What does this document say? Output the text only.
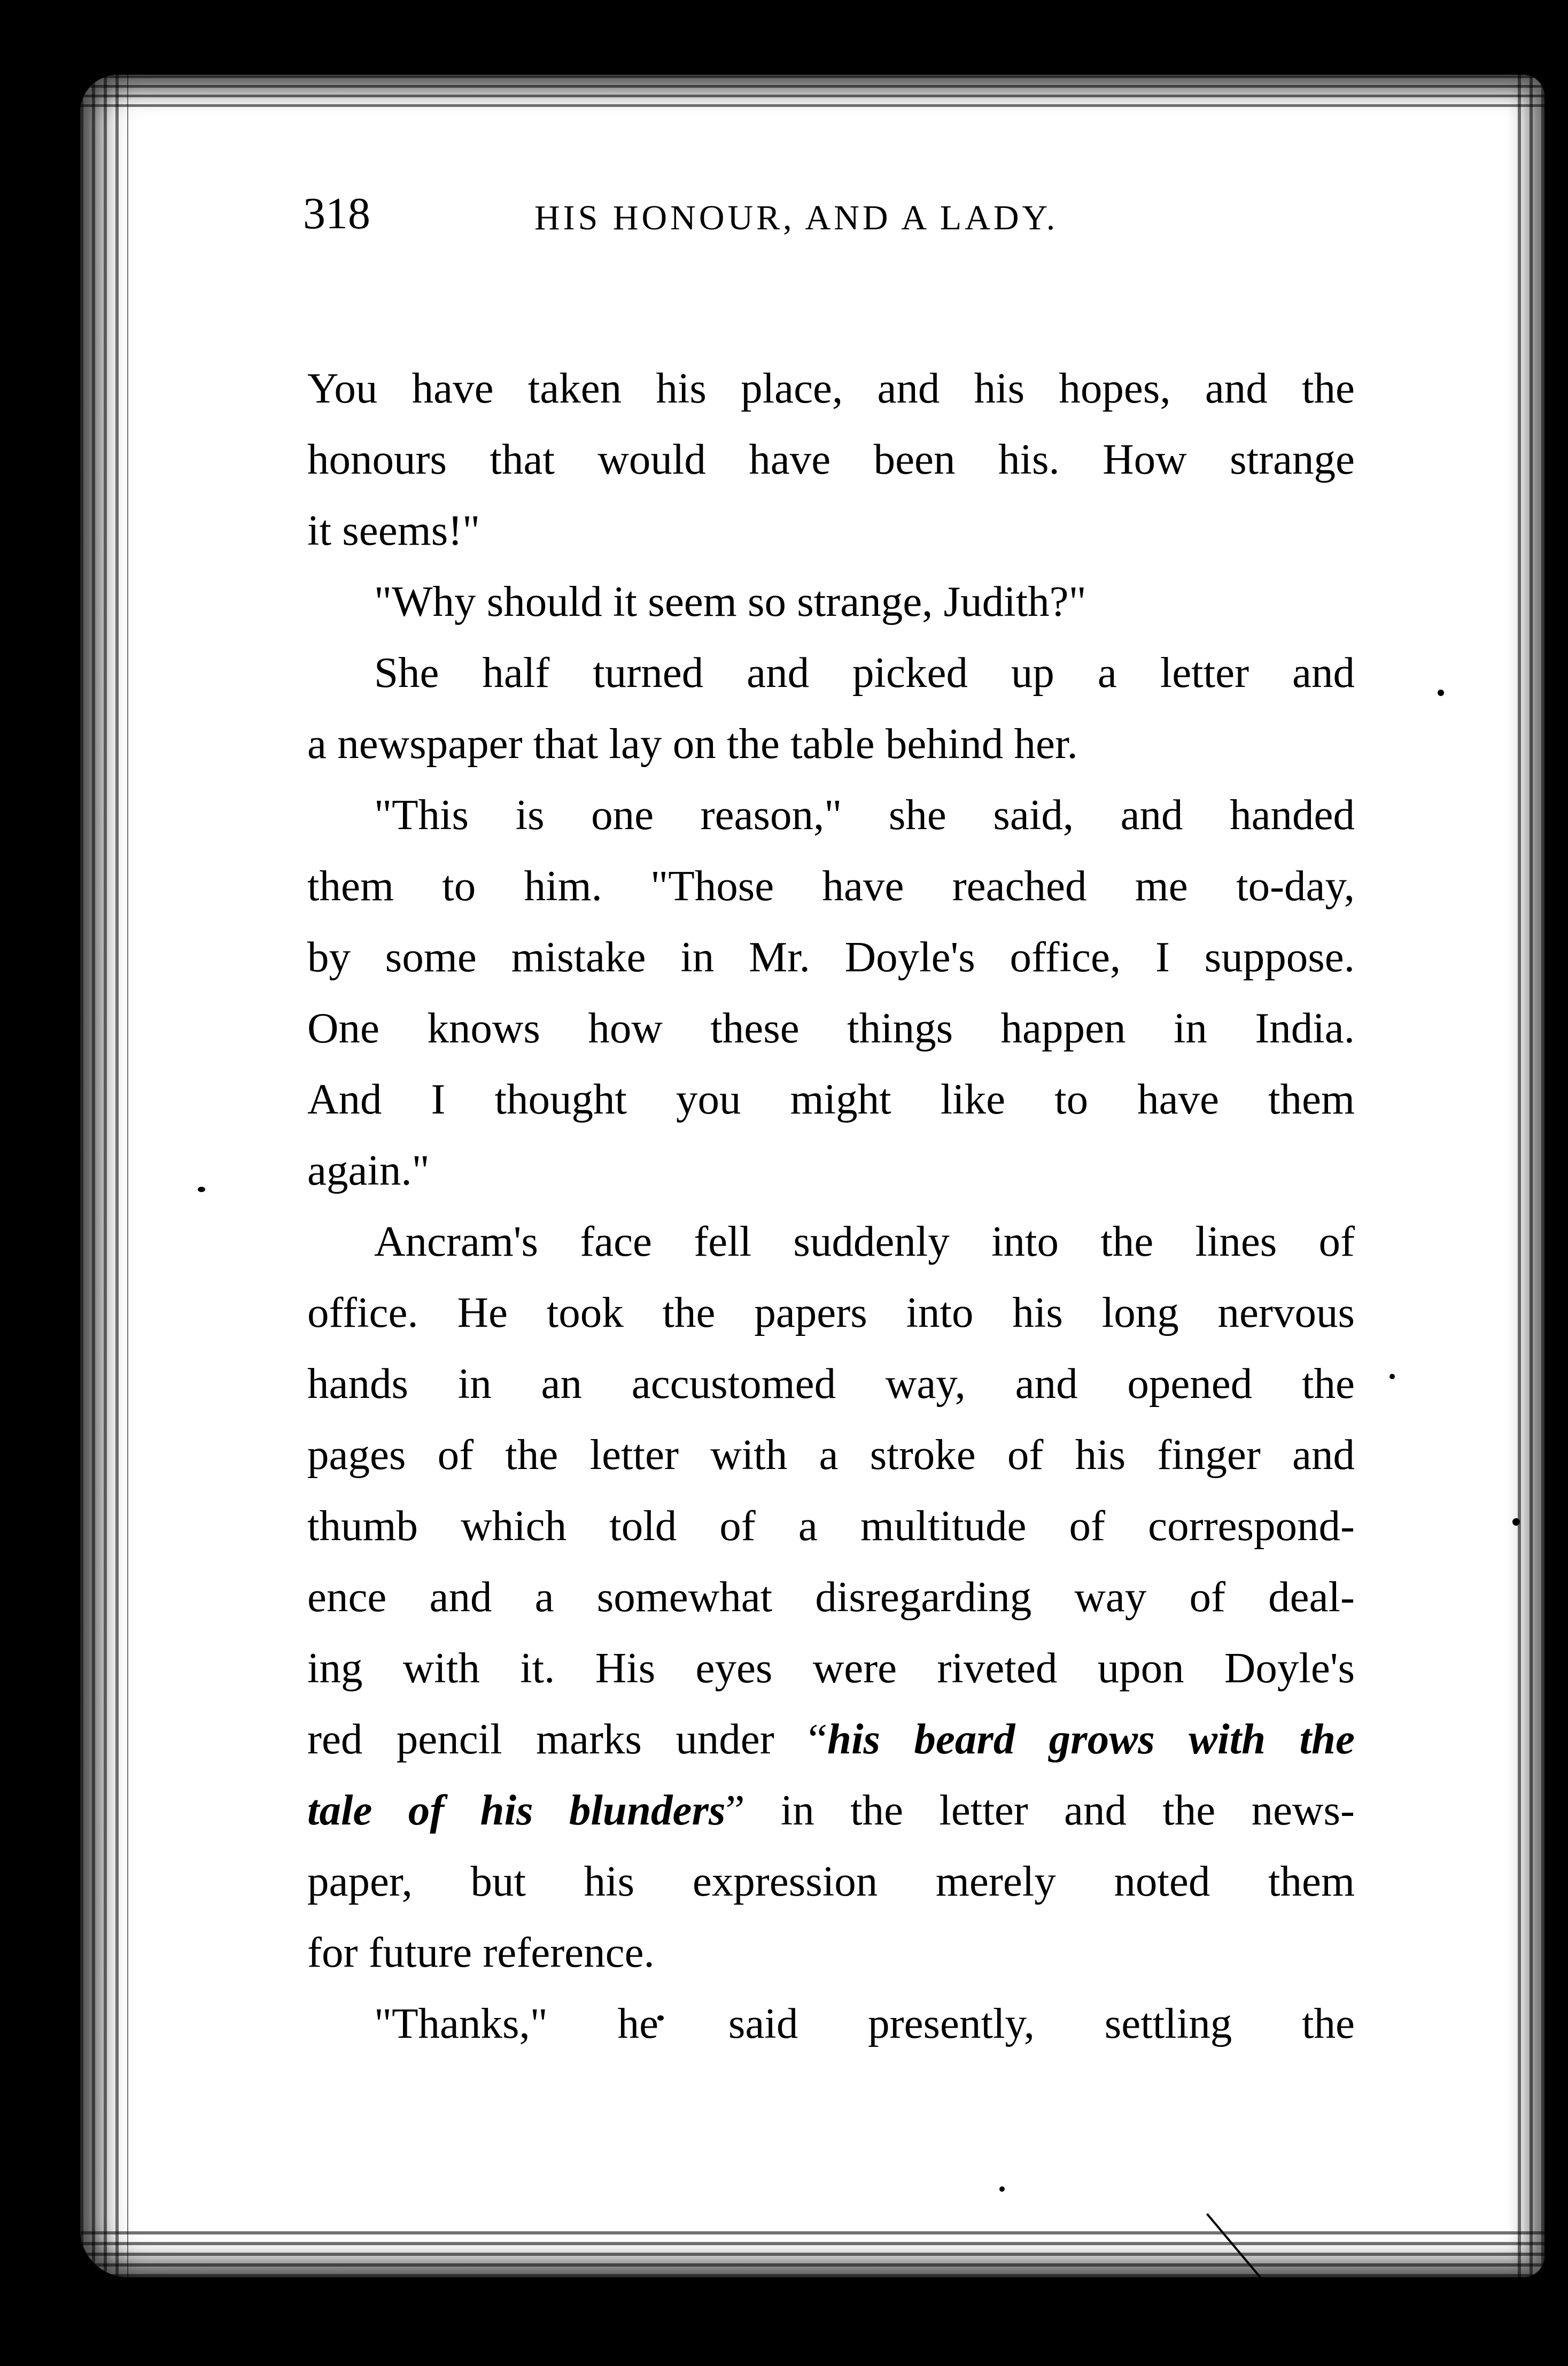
318	HIS HONOUR, AND A LADY.
You have taken his place, and his hopes, and the
honours that would have been his. How strange
it seems!"
"Why should it seem so strange, Judith?"
She half turned and picked up a letter and
a newspaper that lay on the table behind her.
"This is one reason," she said, and handed
them to him. "Those have reached me to-day,
by some mistake in Mr. Doyle's office, I suppose.
One knows how these things happen in India.
And I thought you might like to have them
again."
Ancram's face fell suddenly into the lines of
office. He took the papers into his long nervous
hands in an accustomed way, and opened the
pages of the letter with a stroke of his finger and
thumb which told of a multitude of correspond-
ence and a somewhat disregarding way of deal-
ing with it. His eyes were riveted upon Doyle's
red pencil marks under “his beard grows with the
tale of his blunders” in the letter and the news-
paper, but his expression merely noted them
for future reference.
"Thanks," he said presently, settling the
